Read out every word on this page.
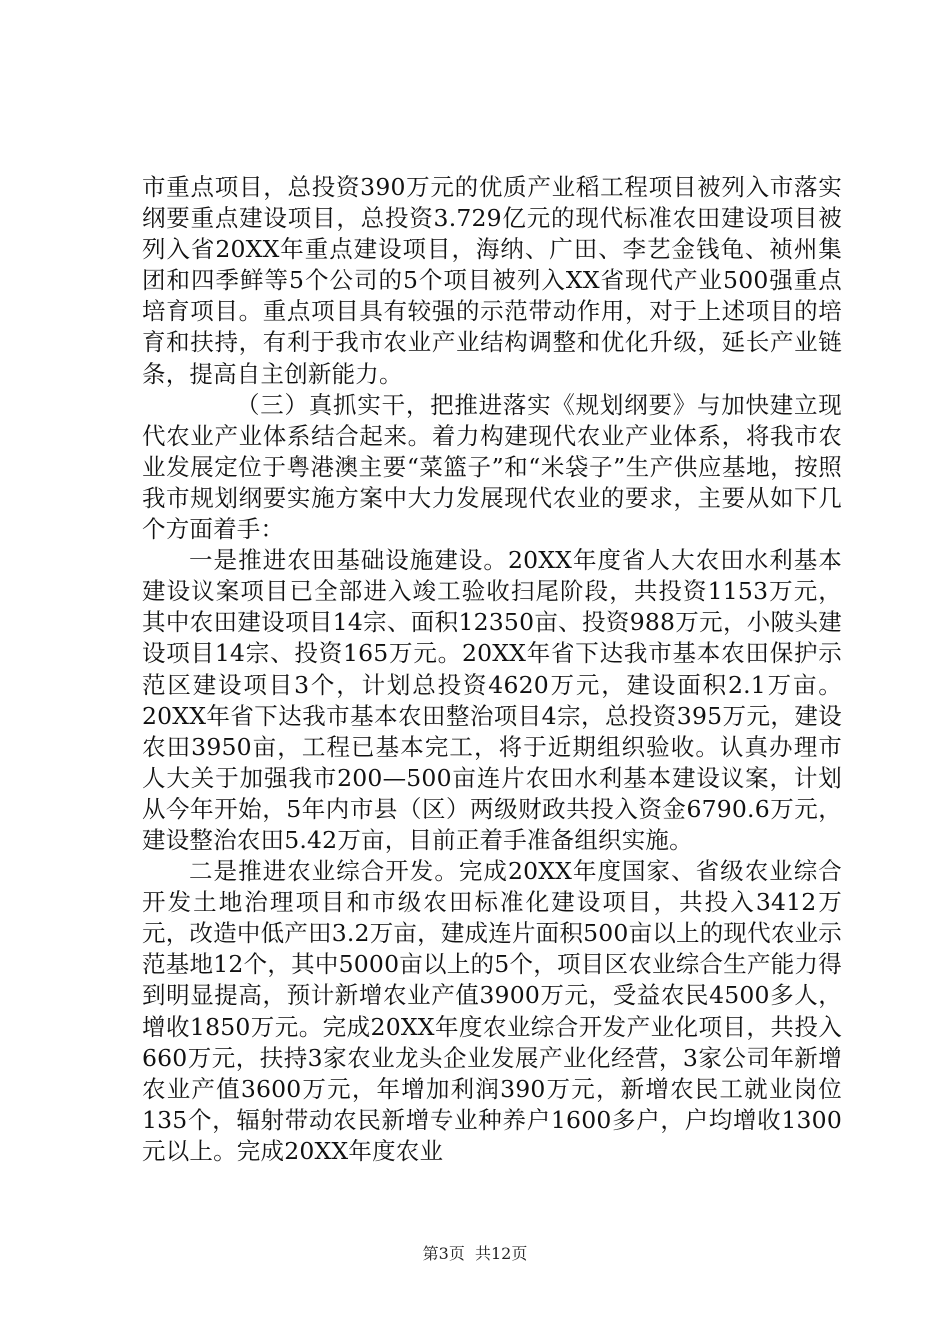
市重点项目，总投资390万元的优质产业稻工程项目被列入市落实纲要重点建设项目，总投资3.729亿元的现代标准农田建设项目被列入省20XX年重点建设项目，海纳、广田、李艺金钱龟、祯州集团和四季鲜等5个公司的5个项目被列入XX省现代产业500强重点培育项目。重点项目具有较强的示范带动作用，对于上述项目的培育和扶持，有利于我市农业产业结构调整和优化升级，延长产业链条，提高自主创新能力。

（三）真抓实干，把推进落实《规划纲要》与加快建立现代农业产业体系结合起来。着力构建现代农业产业体系，将我市农业发展定位于粤港澳主要“菜篮子”和“米袋子”生产供应基地，按照我市规划纲要实施方案中大力发展现代农业的要求，主要从如下几个方面着手：

一是推进农田基础设施建设。20XX年度省人大农田水利基本建设议案项目已全部进入竣工验收扫尾阶段，共投资1153万元，其中农田建设项目14宗、面积12350亩、投资988万元，小陂头建设项目14宗、投资165万元。20XX年省下达我市基本农田保护示范区建设项目3个，计划总投资4620万元，建设面积2.1万亩。20XX年省下达我市基本农田整治项目4宗，总投资395万元，建设农田3950亩，工程已基本完工，将于近期组织验收。认真办理市人大关于加强我市200—500亩连片农田水利基本建设议案，计划从今年开始，5年内市县（区）两级财政共投入资金6790.6万元，建设整治农田5.42万亩，目前正着手准备组织实施。

二是推进农业综合开发。完成20XX年度国家、省级农业综合开发土地治理项目和市级农田标准化建设项目，共投入3412万元，改造中低产田3.2万亩，建成连片面积500亩以上的现代农业示范基地12个，其中5000亩以上的5个，项目区农业综合生产能力得到明显提高，预计新增农业产值3900万元，受益农民4500多人，增收1850万元。完成20XX年度农业综合开发产业化项目，共投入660万元，扶持3家农业龙头企业发展产业化经营，3家公司年新增农业产值3600万元，年增加利润390万元，新增农民工就业岗位135个，辐射带动农民新增专业种养户1600多户，户均增收1300元以上。完成20XX年度农业

第3页  共12页
